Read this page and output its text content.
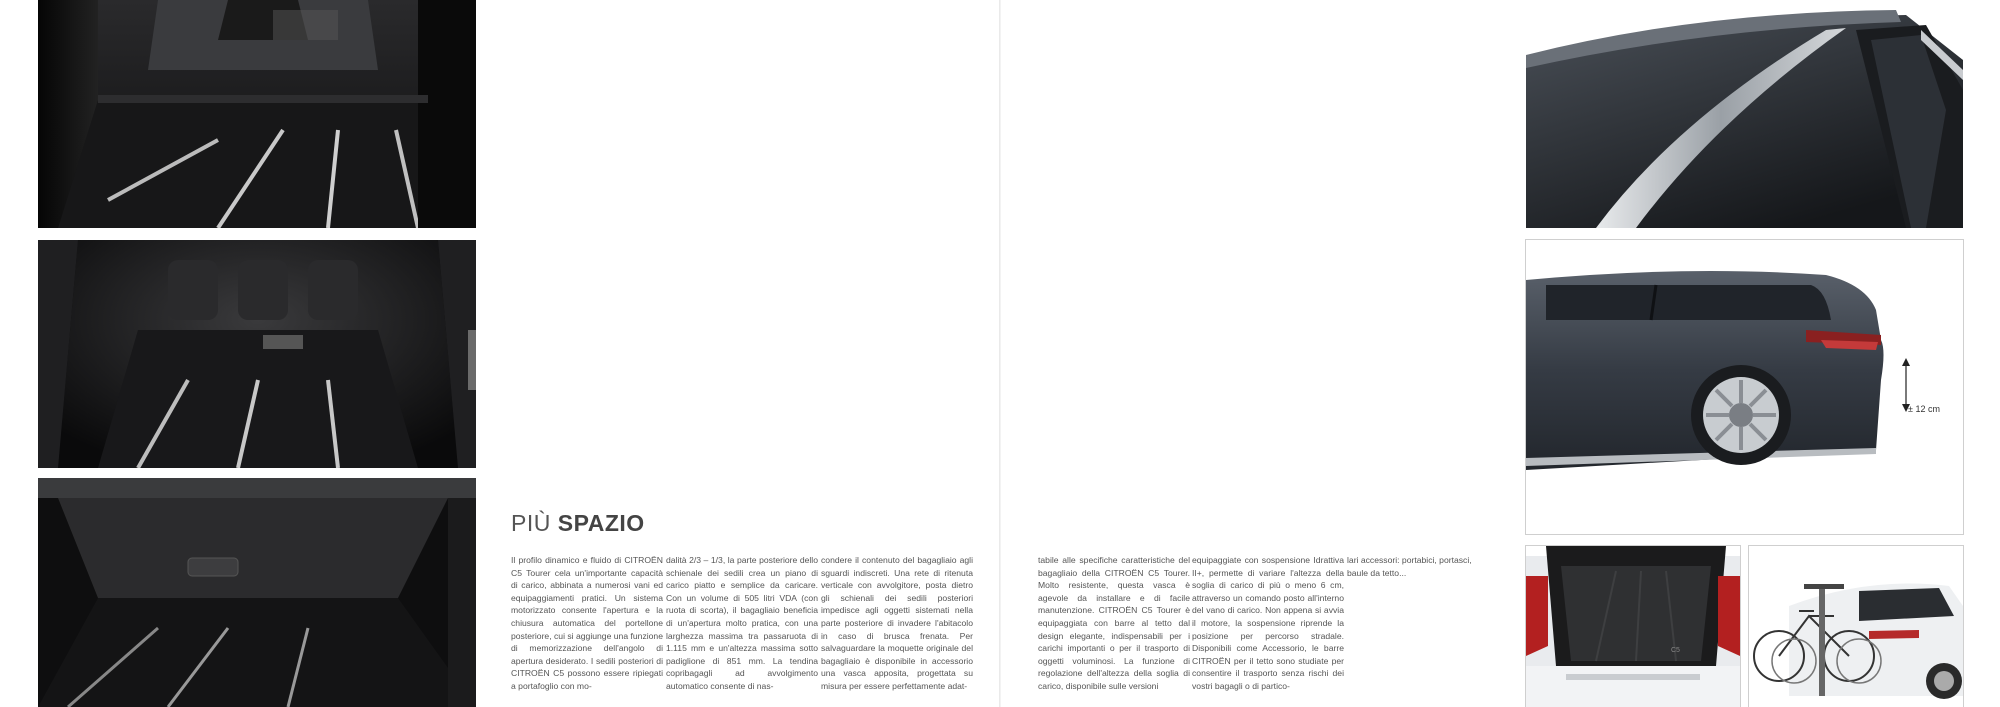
PIÙ SPAZIO
Il profilo dinamico e fluido di CITROËN C5 Tourer cela un'importante capacità di carico, abbinata a numerosi vani ed equipaggiamenti pratici. Un sistema motorizzato consente l'apertura e la chiusura automatica del portellone posteriore, cui si aggiunge una funzione di memorizzazione dell'angolo di apertura desiderato. I sedili posteriori di CITROËN C5 possono essere ripiegati a portafoglio con mo-
dalità 2/3 – 1/3, la parte posteriore dello schienale dei sedili crea un piano di carico piatto e semplice da caricare. Con un volume di 505 litri VDA (con ruota di scorta), il bagagliaio beneficia di un'apertura molto pratica, con una larghezza massima tra passaruota di 1.115 mm e un'altezza massima sotto padiglione di 851 mm. La tendina copribagagli ad avvolgimento automatico consente di nas-
condere il contenuto del bagagliaio agli sguardi indiscreti. Una rete di ritenuta verticale con avvolgitore, posta dietro gli schienali dei sedili posteriori impedisce agli oggetti sistemati nella parte posteriore di invadere l'abitacolo in caso di brusca frenata. Per salvaguardare la moquette originale del bagagliaio è disponibile in accessorio una vasca apposita, progettata su misura per essere perfettamente adat-
tabile alle specifiche caratteristiche del bagagliaio della CITROËN C5 Tourer. Molto resistente, questa vasca è agevole da installare e di facile manutenzione. CITROËN C5 Tourer è equipaggiata con barre al tetto dal design elegante, indispensabili per i carichi importanti o per il trasporto di oggetti voluminosi. La funzione di regolazione dell'altezza della soglia di carico, disponibile sulle versioni
equipaggiate con sospensione Idrattiva II+, permette di variare l'altezza della soglia di carico di più o meno 6 cm, attraverso un comando posto all'interno del vano di carico. Non appena si avvia il motore, la sospensione riprende la posizione per percorso stradale. Disponibili come Accessorio, le barre CITROËN per il tetto sono studiate per consentire il trasporto senza rischi dei vostri bagagli o di partico-
lari accessori: portabici, portasci, baule da tetto...
± 12 cm
C5
